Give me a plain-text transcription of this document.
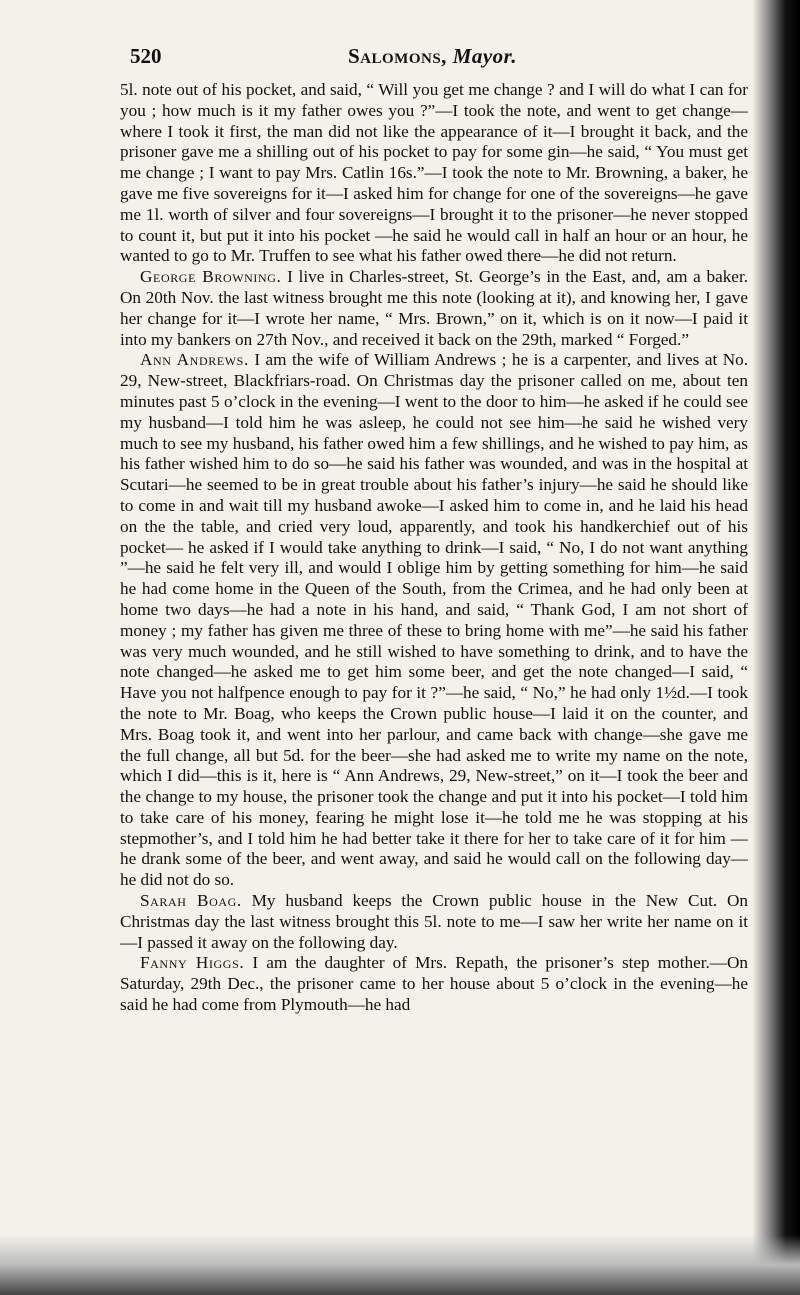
520	Salomons, Mayor.

5l. note out of his pocket, and said, “ Will you get me change ? and I will do what I can for you ; how much is it my father owes you ?”—I took the note, and went to get change—where I took it first, the man did not like the appearance of it—I brought it back, and the prisoner gave me a shilling out of his pocket to pay for some gin—he said, “ You must get me change ; I want to pay Mrs. Catlin 16s.”—I took the note to Mr. Browning, a baker, he gave me five sovereigns for it—I asked him for change for one of the sovereigns—he gave me 1l. worth of silver and four sovereigns—I brought it to the prisoner—he never stopped to count it, but put it into his pocket —he said he would call in half an hour or an hour, he wanted to go to Mr. Truffen to see what his father owed there—he did not return.

George Browning. I live in Charles-street, St. George’s in the East, and, am a baker. On 20th Nov. the last witness brought me this note (looking at it), and knowing her, I gave her change for it—I wrote her name, “ Mrs. Brown,” on it, which is on it now—I paid it into my bankers on 27th Nov., and received it back on the 29th, marked “ Forged.”

Ann Andrews. I am the wife of William Andrews ; he is a carpenter, and lives at No. 29, New-street, Blackfriars-road. On Christmas day the prisoner called on me, about ten minutes past 5 o’clock in the evening—I went to the door to him—he asked if he could see my husband—I told him he was asleep, he could not see him—he said he wished very much to see my husband, his father owed him a few shillings, and he wished to pay him, as his father wished him to do so—he said his father was wounded, and was in the hospital at Scutari—he seemed to be in great trouble about his father’s injury—he said he should like to come in and wait till my husband awoke—I asked him to come in, and he laid his head on the the table, and cried very loud, apparently, and took his handkerchief out of his pocket— he asked if I would take anything to drink—I said, “ No, I do not want anything ”—he said he felt very ill, and would I oblige him by getting something for him—he said he had come home in the Queen of the South, from the Crimea, and he had only been at home two days—he had a note in his hand, and said, “ Thank God, I am not short of money ; my father has given me three of these to bring home with me”—he said his father was very much wounded, and he still wished to have something to drink, and to have the note changed—he asked me to get him some beer, and get the note changed—I said, “ Have you not halfpence enough to pay for it ?”—he said, “ No,” he had only 1½d.—I took the note to Mr. Boag, who keeps the Crown public house—I laid it on the counter, and Mrs. Boag took it, and went into her parlour, and came back with change—she gave me the full change, all but 5d. for the beer—she had asked me to write my name on the note, which I did—this is it, here is “ Ann Andrews, 29, New-street,” on it—I took the beer and the change to my house, the prisoner took the change and put it into his pocket—I told him to take care of his money, fearing he might lose it—he told me he was stopping at his stepmother’s, and I told him he had better take it there for her to take care of it for him —he drank some of the beer, and went away, and said he would call on the following day—he did not do so.

Sarah Boag. My husband keeps the Crown public house in the New Cut. On Christmas day the last witness brought this 5l. note to me—I saw her write her name on it—I passed it away on the following day.

Fanny Higgs. I am the daughter of Mrs. Repath, the prisoner’s step mother.—On Saturday, 29th Dec., the prisoner came to her house about 5 o’clock in the evening—he said he had come from Plymouth—he had
